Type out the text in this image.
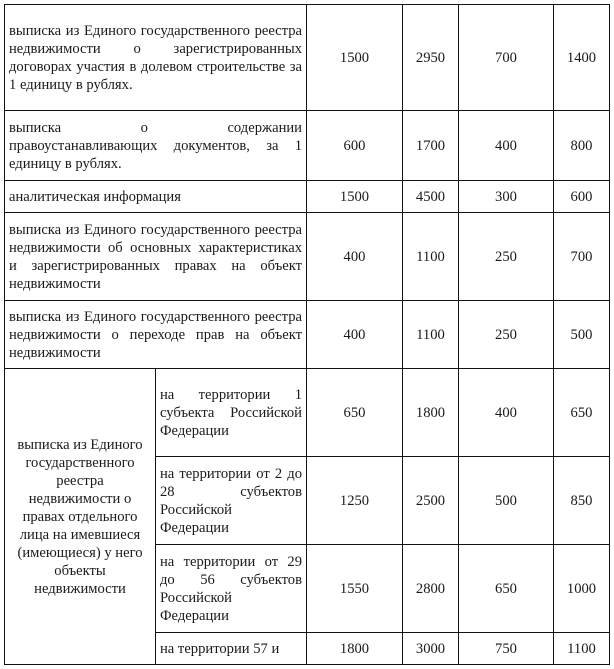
выписка из Единого государственного реестра недвижимости о зарегистрированных договорах участия в долевом строительстве за 1 единицу в рублях.		1500	2950	700	1400
выписка о содержании правоустанавливающих документов, за 1 единицу в рублях.		600	1700	400	800
аналитическая информация		1500	4500	300	600
выписка из Единого государственного реестра недвижимости об основных характеристиках и зарегистрированных правах на объект недвижимости		400	1100	250	700
выписка из Единого государственного реестра недвижимости о переходе прав на объект недвижимости		400	1100	250	500
выписка из Единого государственного реестра недвижимости о правах отдельного лица на имевшиеся (имеющиеся) у него объекты недвижимости	на территории 1 субъекта Российской Федерации	650	1800	400	650
	на территории от 2 до 28 субъектов Российской Федерации	1250	2500	500	850
	на территории от 29 до 56 субъектов Российской Федерации	1550	2800	650	1000
	на территории 57 и	1800	3000	750	1100
